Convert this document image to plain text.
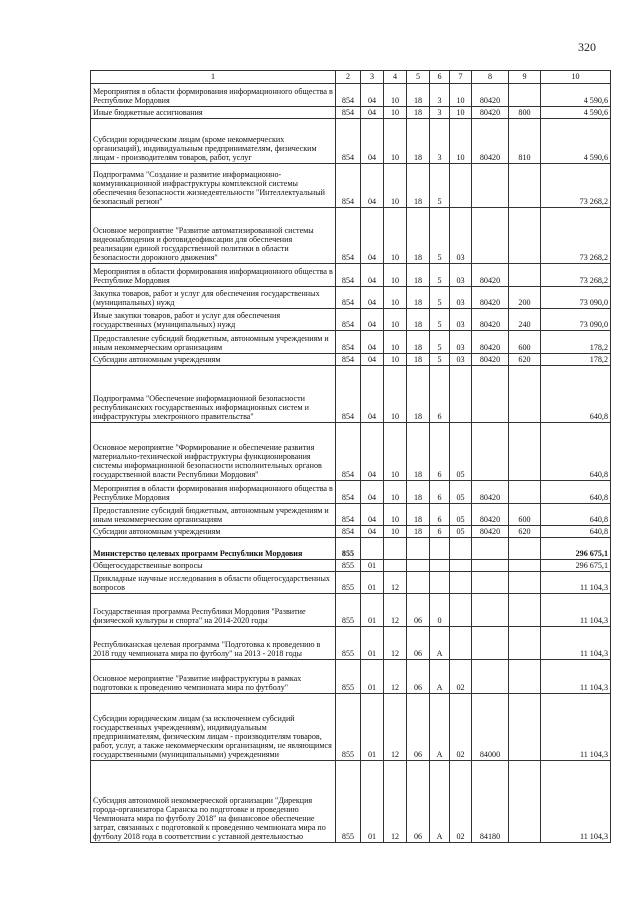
320
1	2	3	4	5	6	7	8	9	10
Мероприятия в области формирования информационного общества в Республике Мордовия	854	04	10	18	3	10	80420		4 590,6
Иные бюджетные ассигнования	854	04	10	18	3	10	80420	800	4 590,6
Субсидии юридическим лицам (кроме некоммерческих организаций), индивидуальным предпринимателям, физическим лицам - производителям товаров, работ, услуг	854	04	10	18	3	10	80420	810	4 590,6
Подпрограмма "Создание и развитие информационно-коммуникационной инфраструктуры комплексной системы обеспечения безопасности жизнедеятельности "Интеллектуальный безопасный регион"	854	04	10	18	5				73 268,2
Основное мероприятие "Развитие автоматизированной системы видеонаблюдения и фотовидеофиксации для обеспечения реализации единой государственной политики в области безопасности дорожного движения"	854	04	10	18	5	03			73 268,2
Мероприятия в области формирования информационного общества в Республике Мордовия	854	04	10	18	5	03	80420		73 268,2
Закупка товаров, работ и услуг для обеспечения государственных (муниципальных) нужд	854	04	10	18	5	03	80420	200	73 090,0
Иные закупки товаров, работ и услуг для обеспечения государственных (муниципальных) нужд	854	04	10	18	5	03	80420	240	73 090,0
Предоставление субсидий бюджетным, автономным учреждениям и иным некоммерческим организациям	854	04	10	18	5	03	80420	600	178,2
Субсидии автономным учреждениям	854	04	10	18	5	03	80420	620	178,2
Подпрограмма "Обеспечение информационной безопасности республиканских государственных информационных систем и инфраструктуры электронного правительства"	854	04	10	18	6				640,8
Основное мероприятие "Формирование и обеспечение развития материально-технической инфраструктуры функционирования системы информационной безопасности исполнительных органов государственной власти Республики Мордовия"	854	04	10	18	6	05			640,8
Мероприятия в области формирования информационного общества в Республике Мордовия	854	04	10	18	6	05	80420		640,8
Предоставление субсидий бюджетным, автономным учреждениям и иным некоммерческим организациям	854	04	10	18	6	05	80420	600	640,8
Субсидии автономным учреждениям	854	04	10	18	6	05	80420	620	640,8
Министерство целевых программ Республики Мордовия	855								296 675,1
Общегосударственные вопросы	855	01							296 675,1
Прикладные научные исследования в области общегосударственных вопросов	855	01	12						11 104,3
Государственная программа Республики Мордовия "Развитие физической культуры и спорта" на 2014-2020 годы	855	01	12	06	0				11 104,3
Республиканская целевая программа "Подготовка к проведению в 2018 году чемпионата мира по футболу" на 2013 - 2018 годы	855	01	12	06	А				11 104,3
Основное мероприятие "Развитие инфраструктуры в рамках подготовки к проведению чемпионата мира по футболу"	855	01	12	06	А	02			11 104,3
Субсидии юридическим лицам (за исключением субсидий государственных учреждениям), индивидуальным предпринимателям, физическим лицам - производителям товаров, работ, услуг, а также некоммерческим организациям, не являющимся государственными (муниципальными) учреждениями	855	01	12	06	А	02	84000		11 104,3
Субсидия автономной некоммерческой организации "Дирекция города-организатора Саранска по подготовке и проведению Чемпионата мира по футболу 2018" на финансовое обеспечение затрат, связанных с подготовкой к проведению чемпионата мира по футболу 2018 года в соответствии с уставной деятельностью	855	01	12	06	А	02	84180		11 104,3
